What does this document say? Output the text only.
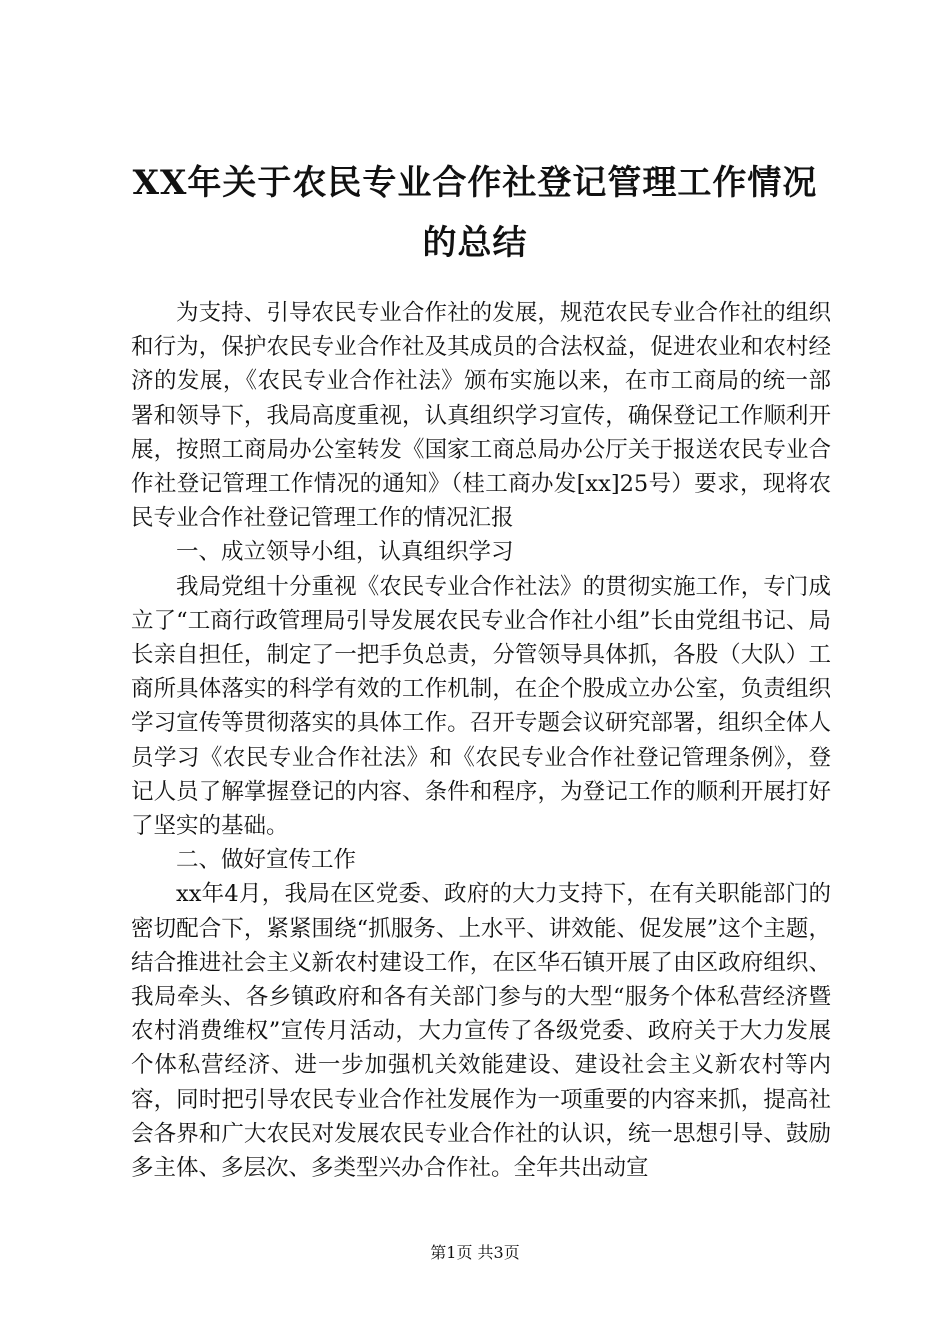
XX年关于农民专业合作社登记管理工作情况
的总结

为支持、引导农民专业合作社的发展，规范农民专业合作社的组织和行为，保护农民专业合作社及其成员的合法权益，促进农业和农村经济的发展，《农民专业合作社法》颁布实施以来，在市工商局的统一部署和领导下，我局高度重视，认真组织学习宣传，确保登记工作顺利开展，按照工商局办公室转发《国家工商总局办公厅关于报送农民专业合作社登记管理工作情况的通知》（桂工商办发[xx]25号）要求，现将农民专业合作社登记管理工作的情况汇报

一、成立领导小组，认真组织学习

我局党组十分重视《农民专业合作社法》的贯彻实施工作，专门成立了“工商行政管理局引导发展农民专业合作社小组”长由党组书记、局长亲自担任，制定了一把手负总责，分管领导具体抓，各股（大队）工商所具体落实的科学有效的工作机制，在企个股成立办公室，负责组织学习宣传等贯彻落实的具体工作。召开专题会议研究部署，组织全体人员学习《农民专业合作社法》和《农民专业合作社登记管理条例》，登记人员了解掌握登记的内容、条件和程序，为登记工作的顺利开展打好了坚实的基础。

二、做好宣传工作

xx年4月，我局在区党委、政府的大力支持下，在有关职能部门的密切配合下，紧紧围绕“抓服务、上水平、讲效能、促发展”这个主题，结合推进社会主义新农村建设工作，在区华石镇开展了由区政府组织、我局牵头、各乡镇政府和各有关部门参与的大型“服务个体私营经济暨农村消费维权”宣传月活动，大力宣传了各级党委、政府关于大力发展个体私营经济、进一步加强机关效能建设、建设社会主义新农村等内容，同时把引导农民专业合作社发展作为一项重要的内容来抓，提高社会各界和广大农民对发展农民专业合作社的认识，统一思想引导、鼓励多主体、多层次、多类型兴办合作社。全年共出动宣

第1页 共3页
